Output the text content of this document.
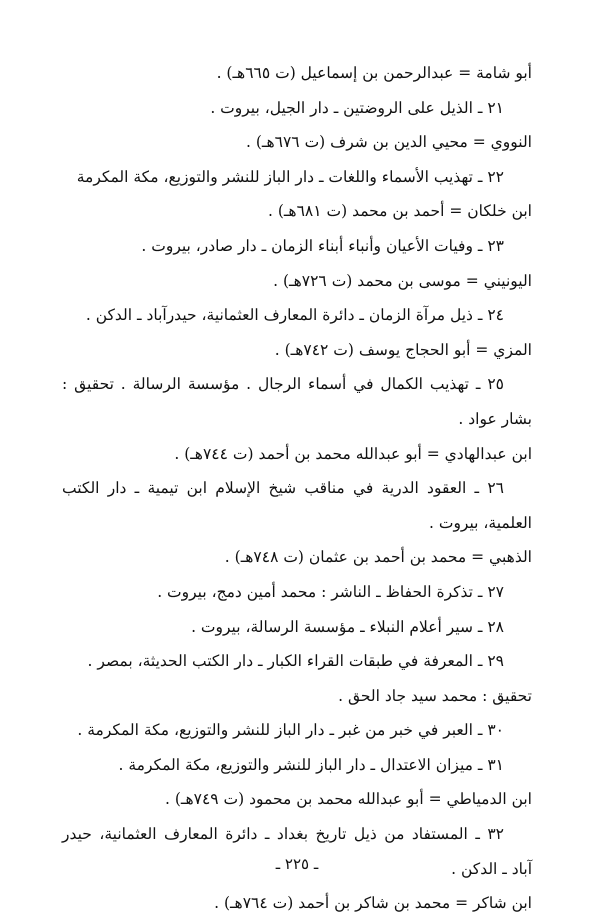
أبو شامة = عبدالرحمن بن إسماعيل (ت ٦٦٥هـ) .
٢١ ـ الذيل على الروضتين ـ دار الجيل، بيروت .
النووي = محيي الدين بن شرف (ت ٦٧٦هـ) .
٢٢ ـ تهذيب الأسماء واللغات ـ دار الباز للنشر والتوزيع، مكة المكرمة
ابن خلكان = أحمد بن محمد (ت ٦٨١هـ) .
٢٣ ـ وفيات الأعيان وأنباء أبناء الزمان ـ دار صادر، بيروت .
اليونيني = موسى بن محمد (ت ٧٢٦هـ) .
٢٤ ـ ذيل مرآة الزمان ـ دائرة المعارف العثمانية، حيدرآباد ـ الدكن .
المزي = أبو الحجاج يوسف (ت ٧٤٢هـ) .
٢٥ ـ تهذيب الكمال في أسماء الرجال . مؤسسة الرسالة . تحقيق :
بشار عواد .
ابن عبدالهادي = أبو عبدالله محمد بن أحمد (ت ٧٤٤هـ) .
٢٦ ـ العقود الدرية في مناقب شيخ الإسلام ابن تيمية ـ دار الكتب
العلمية، بيروت .
الذهبي = محمد بن أحمد بن عثمان (ت ٧٤٨هـ) .
٢٧ ـ تذكرة الحفاظ ـ الناشر : محمد أمين دمج، بيروت .
٢٨ ـ سير أعلام النبلاء ـ مؤسسة الرسالة، بيروت .
٢٩ ـ المعرفة في طبقات القراء الكبار ـ دار الكتب الحديثة، بمصر .
تحقيق : محمد سيد جاد الحق .
٣٠ ـ العبر في خبر من غبر ـ دار الباز للنشر والتوزيع، مكة المكرمة .
٣١ ـ ميزان الاعتدال ـ دار الباز للنشر والتوزيع، مكة المكرمة .
ابن الدمياطي = أبو عبدالله محمد بن محمود (ت ٧٤٩هـ) .
٣٢ ـ المستفاد من ذيل تاريخ بغداد ـ دائرة المعارف العثمانية، حيدر
آباد ـ الدكن .
ابن شاكر = محمد بن شاكر بن أحمد (ت ٧٦٤هـ) .
ـ ٢٢٥ ـ
